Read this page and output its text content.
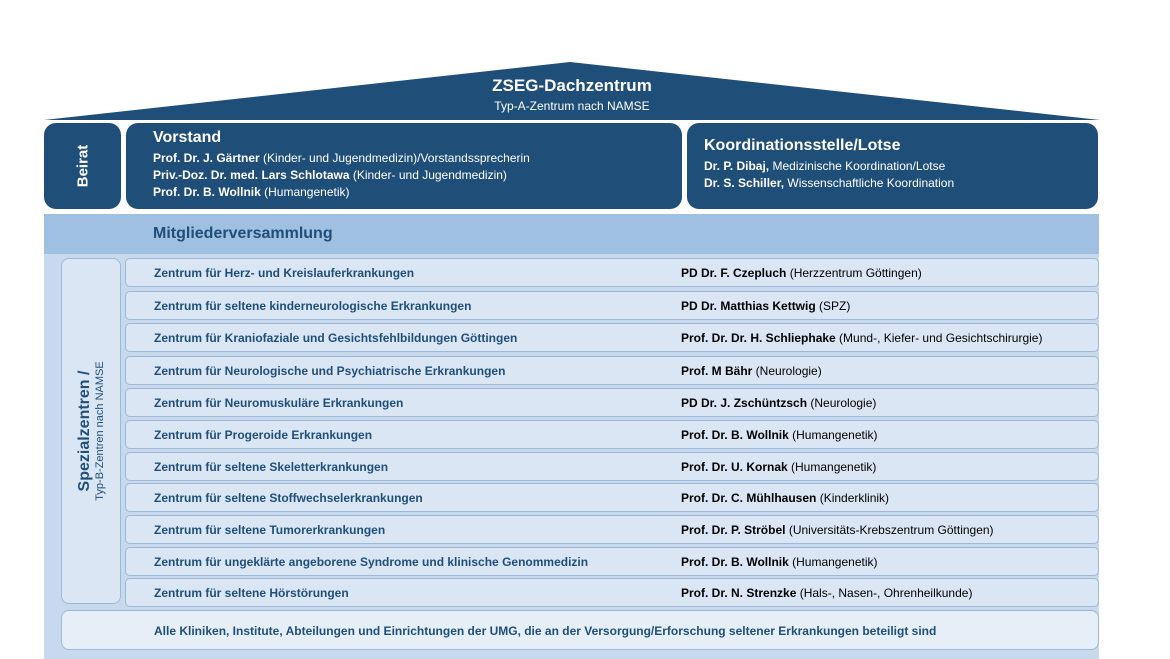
ZSEG-Dachzentrum
Typ-A-Zentrum nach NAMSE
Beirat
Vorstand
Prof. Dr. J. Gärtner (Kinder- und Jugendmedizin)/Vorstandssprecherin
Priv.-Doz. Dr. med. Lars Schlotawa (Kinder- und Jugendmedizin)
Prof. Dr. B. Wollnik (Humangenetik)
Koordinationsstelle/Lotse
Dr. P. Dibaj, Medizinische Koordination/Lotse
Dr. S. Schiller, Wissenschaftliche Koordination
Mitgliederversammlung
Spezialzentren / Typ-B-Zentren nach NAMSE
Zentrum für Herz- und Kreislauferkrankungen	PD Dr. F. Czepluch (Herzzentrum Göttingen)
Zentrum für seltene kinderneurologische Erkrankungen	PD Dr. Matthias Kettwig (SPZ)
Zentrum für Kraniofaziale und Gesichtsfehlbildungen Göttingen	Prof. Dr. Dr. H. Schliephake (Mund-, Kiefer- und Gesichtschirurgie)
Zentrum für Neurologische und Psychiatrische Erkrankungen	Prof. M Bähr (Neurologie)
Zentrum für Neuromuskuläre Erkrankungen	PD Dr. J. Zschüntzsch (Neurologie)
Zentrum für Progeroide Erkrankungen	Prof. Dr. B. Wollnik (Humangenetik)
Zentrum für seltene Skeletterkrankungen	Prof. Dr. U. Kornak (Humangenetik)
Zentrum für seltene Stoffwechselerkrankungen	Prof. Dr. C. Mühlhausen (Kinderklinik)
Zentrum für seltene Tumorerkrankungen	Prof. Dr. P. Ströbel (Universitäts-Krebszentrum Göttingen)
Zentrum für ungeklärte angeborene Syndrome und klinische Genommedizin	Prof. Dr. B. Wollnik (Humangenetik)
Zentrum für seltene Hörstörungen	Prof. Dr. N. Strenzke (Hals-, Nasen-, Ohrenheilkunde)
Alle Kliniken, Institute, Abteilungen und Einrichtungen der UMG, die an der Versorgung/Erforschung seltener Erkrankungen beteiligt sind
